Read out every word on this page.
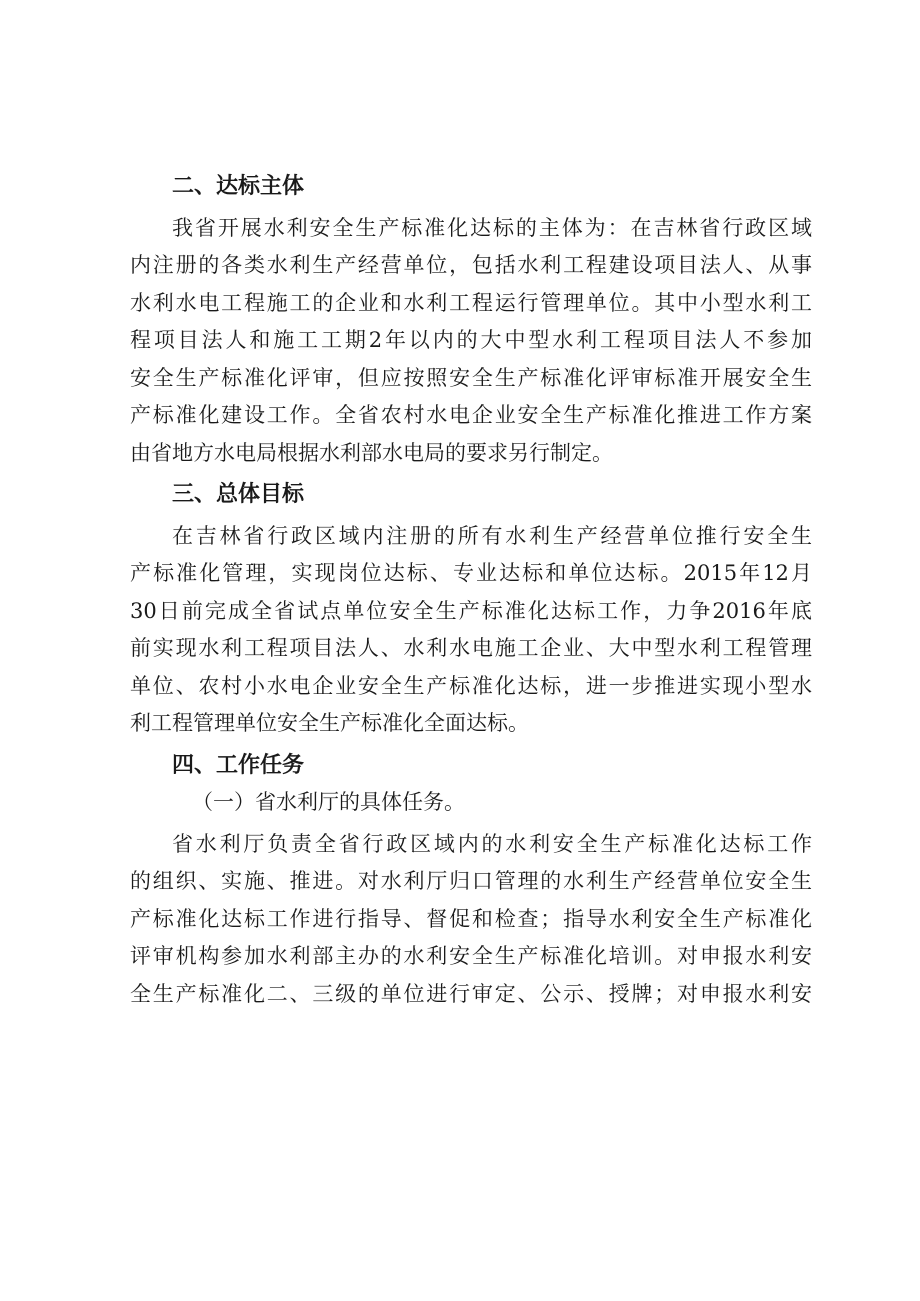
二、达标主体

我省开展水利安全生产标准化达标的主体为：在吉林省行政区域
内注册的各类水利生产经营单位，包括水利工程建设项目法人、从事
水利水电工程施工的企业和水利工程运行管理单位。其中小型水利工
程项目法人和施工工期2年以内的大中型水利工程项目法人不参加
安全生产标准化评审，但应按照安全生产标准化评审标准开展安全生
产标准化建设工作。全省农村水电企业安全生产标准化推进工作方案
由省地方水电局根据水利部水电局的要求另行制定。

三、总体目标

在吉林省行政区域内注册的所有水利生产经营单位推行安全生
产标准化管理，实现岗位达标、专业达标和单位达标。2015年12月
30日前完成全省试点单位安全生产标准化达标工作，力争2016年底
前实现水利工程项目法人、水利水电施工企业、大中型水利工程管理
单位、农村小水电企业安全生产标准化达标，进一步推进实现小型水
利工程管理单位安全生产标准化全面达标。

四、工作任务

（一）省水利厅的具体任务。

省水利厅负责全省行政区域内的水利安全生产标准化达标工作
的组织、实施、推进。对水利厅归口管理的水利生产经营单位安全生
产标准化达标工作进行指导、督促和检查；指导水利安全生产标准化
评审机构参加水利部主办的水利安全生产标准化培训。对申报水利安
全生产标准化二、三级的单位进行审定、公示、授牌；对申报水利安
